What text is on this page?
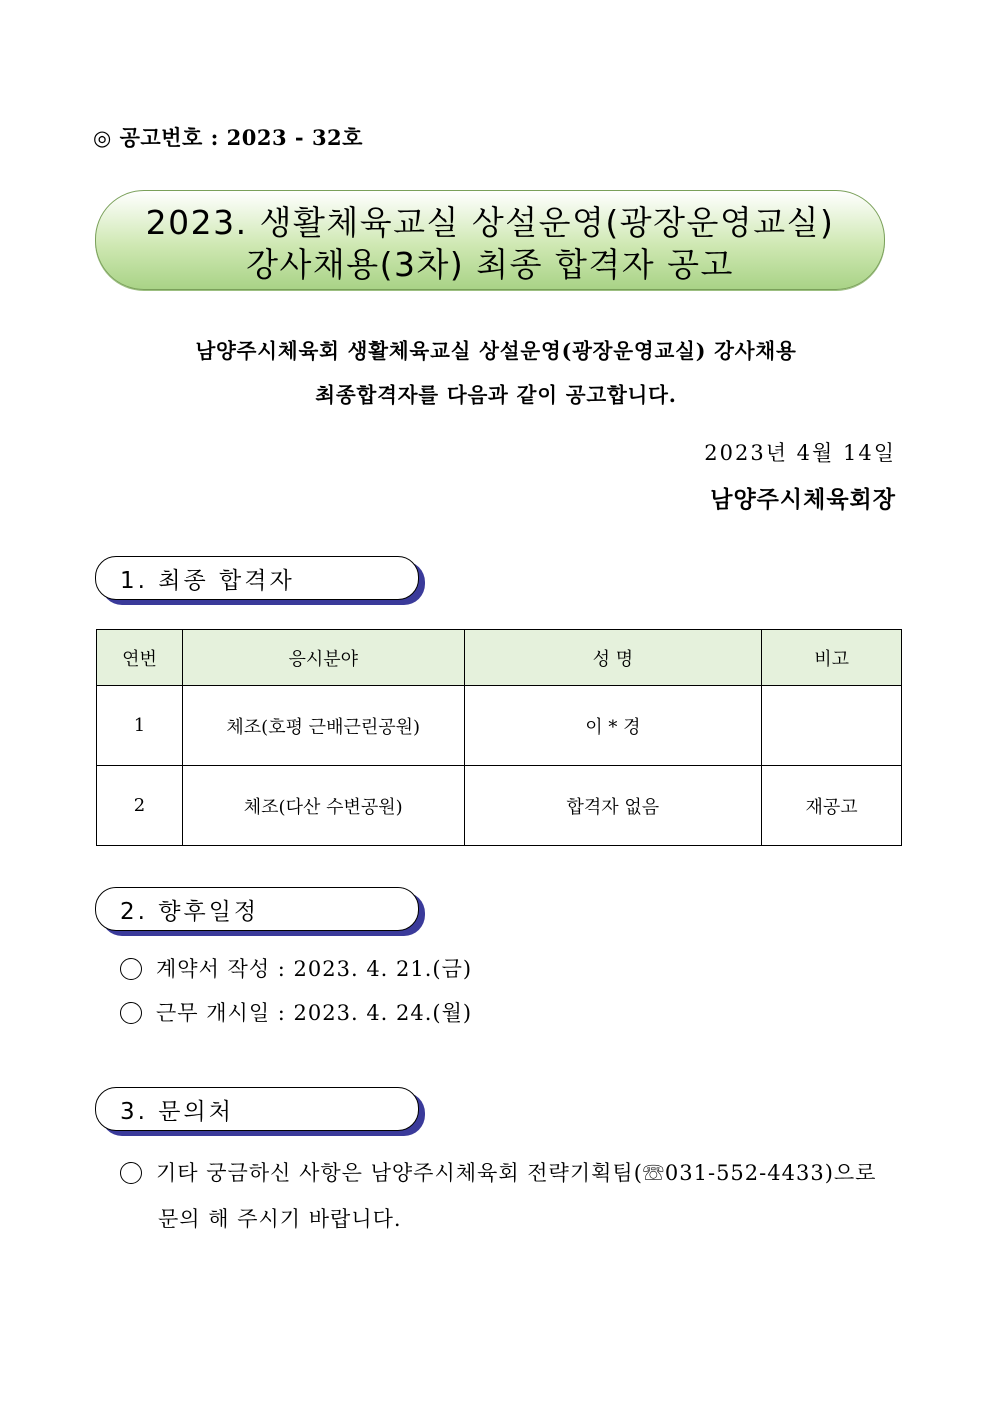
◎ 공고번호 : 2023 - 32호
2023. 생활체육교실 상설운영(광장운영교실)
강사채용(3차) 최종 합격자 공고
남양주시체육회 생활체육교실 상설운영(광장운영교실) 강사채용
최종합격자를 다음과 같이 공고합니다.
2023년 4월 14일
남양주시체육회장
1. 최종 합격자
연번	응시분야	성 명	비고
1	체조(호평 근배근린공원)	이 * 경	
2	체조(다산 수변공원)	합격자 없음	재공고
2. 향후일정
계약서 작성 : 2023. 4. 21.(금)
근무 개시일 : 2023. 4. 24.(월)
3. 문의처
기타 궁금하신 사항은 남양주시체육회 전략기획팀(☏031-552-4433)으로
문의 해 주시기 바랍니다.
